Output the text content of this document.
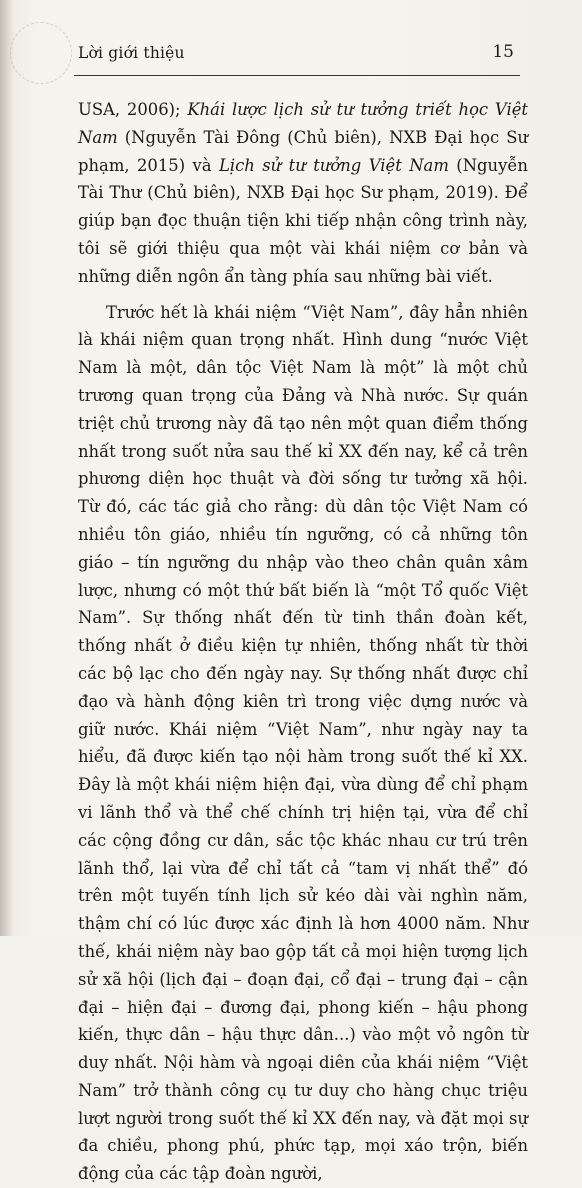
Lời giới thiệu	15

USA, 2006); Khái lược lịch sử tư tưởng triết học Việt Nam (Nguyễn Tài Đông (Chủ biên), NXB Đại học Sư phạm, 2015) và Lịch sử tư tưởng Việt Nam (Nguyễn Tài Thư (Chủ biên), NXB Đại học Sư phạm, 2019). Để giúp bạn đọc thuận tiện khi tiếp nhận công trình này, tôi sẽ giới thiệu qua một vài khái niệm cơ bản và những diễn ngôn ẩn tàng phía sau những bài viết.

Trước hết là khái niệm “Việt Nam”, đây hẳn nhiên là khái niệm quan trọng nhất. Hình dung “nước Việt Nam là một, dân tộc Việt Nam là một” là một chủ trương quan trọng của Đảng và Nhà nước. Sự quán triệt chủ trương này đã tạo nên một quan điểm thống nhất trong suốt nửa sau thế kỉ XX đến nay, kể cả trên phương diện học thuật và đời sống tư tưởng xã hội. Từ đó, các tác giả cho rằng: dù dân tộc Việt Nam có nhiều tôn giáo, nhiều tín ngưỡng, có cả những tôn giáo – tín ngưỡng du nhập vào theo chân quân xâm lược, nhưng có một thứ bất biến là “một Tổ quốc Việt Nam”. Sự thống nhất đến từ tinh thần đoàn kết, thống nhất ở điều kiện tự nhiên, thống nhất từ thời các bộ lạc cho đến ngày nay. Sự thống nhất được chỉ đạo và hành động kiên trì trong việc dựng nước và giữ nước. Khái niệm “Việt Nam”, như ngày nay ta hiểu, đã được kiến tạo nội hàm trong suốt thế kỉ XX. Đây là một khái niệm hiện đại, vừa dùng để chỉ phạm vi lãnh thổ và thể chế chính trị hiện tại, vừa để chỉ các cộng đồng cư dân, sắc tộc khác nhau cư trú trên lãnh thổ, lại vừa để chỉ tất cả “tam vị nhất thể” đó trên một tuyến tính lịch sử kéo dài vài nghìn năm, thậm chí có lúc được xác định là hơn 4000 năm. Như thế, khái niệm này bao gộp tất cả mọi hiện tượng lịch sử xã hội (lịch đại – đoạn đại, cổ đại – trung đại – cận đại – hiện đại – đương đại, phong kiến – hậu phong kiến, thực dân – hậu thực dân...) vào một vỏ ngôn từ duy nhất. Nội hàm và ngoại diên của khái niệm “Việt Nam” trở thành công cụ tư duy cho hàng chục triệu lượt người trong suốt thế kỉ XX đến nay, và đặt mọi sự đa chiều, phong phú, phức tạp, mọi xáo trộn, biến động của các tập đoàn người,
